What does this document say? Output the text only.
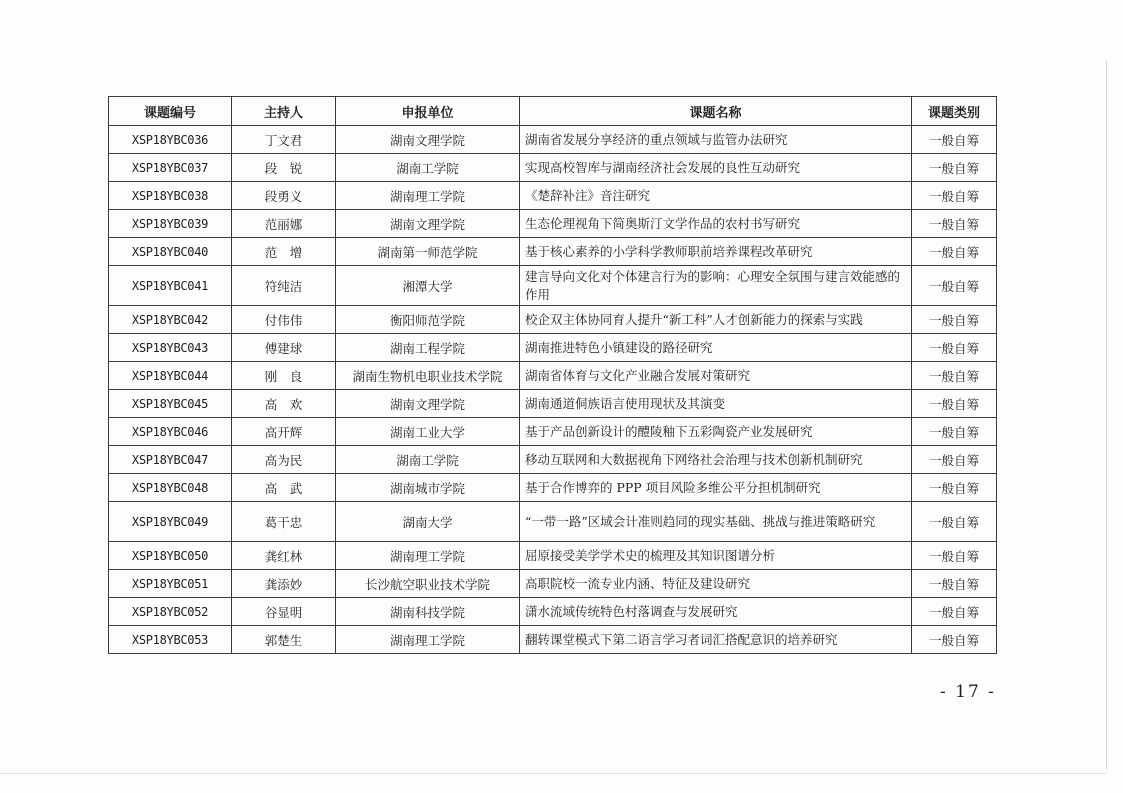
课题编号	主持人	申报单位	课题名称	课题类别
XSP18YBC036	丁文君	湖南文理学院	湖南省发展分享经济的重点领域与监管办法研究	一般自筹
XSP18YBC037	段　锐	湖南工学院	实现高校智库与湖南经济社会发展的良性互动研究	一般自筹
XSP18YBC038	段勇义	湖南理工学院	《楚辞补注》音注研究	一般自筹
XSP18YBC039	范丽娜	湖南文理学院	生态伦理视角下简奥斯汀文学作品的农村书写研究	一般自筹
XSP18YBC040	范　增	湖南第一师范学院	基于核心素养的小学科学教师职前培养课程改革研究	一般自筹
XSP18YBC041	符纯洁	湘潭大学	建言导向文化对个体建言行为的影响：心理安全氛围与建言效能感的作用	一般自筹
XSP18YBC042	付伟伟	衡阳师范学院	校企双主体协同育人提升“新工科”人才创新能力的探索与实践	一般自筹
XSP18YBC043	傅建球	湖南工程学院	湖南推进特色小镇建设的路径研究	一般自筹
XSP18YBC044	刚　良	湖南生物机电职业技术学院	湖南省体育与文化产业融合发展对策研究	一般自筹
XSP18YBC045	高　欢	湖南文理学院	湖南通道侗族语言使用现状及其演变	一般自筹
XSP18YBC046	高开辉	湖南工业大学	基于产品创新设计的醴陵釉下五彩陶瓷产业发展研究	一般自筹
XSP18YBC047	高为民	湖南工学院	移动互联网和大数据视角下网络社会治理与技术创新机制研究	一般自筹
XSP18YBC048	高　武	湖南城市学院	基于合作博弈的 PPP 项目风险多维公平分担机制研究	一般自筹
XSP18YBC049	葛干忠	湖南大学	“一带一路”区域会计准则趋同的现实基础、挑战与推进策略研究	一般自筹
XSP18YBC050	龚红林	湖南理工学院	屈原接受美学学术史的梳理及其知识图谱分析	一般自筹
XSP18YBC051	龚添妙	长沙航空职业技术学院	高职院校一流专业内涵、特征及建设研究	一般自筹
XSP18YBC052	谷显明	湖南科技学院	潇水流域传统特色村落调查与发展研究	一般自筹
XSP18YBC053	郭楚生	湖南理工学院	翻转课堂模式下第二语言学习者词汇搭配意识的培养研究	一般自筹
- 17 -
